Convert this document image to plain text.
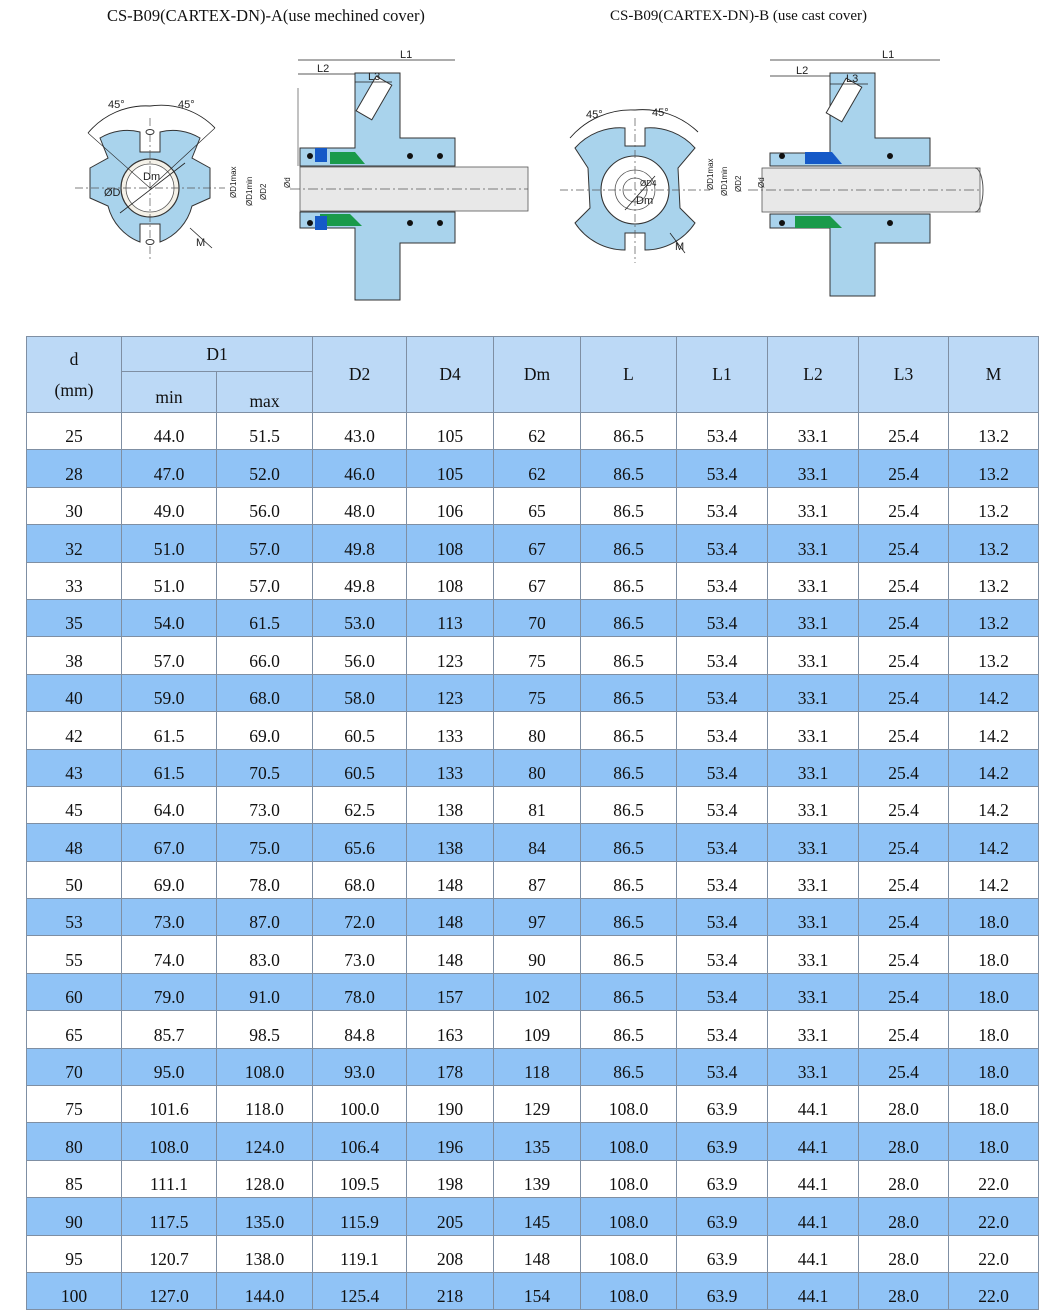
CS-B09(CARTEX-DN)-A(use mechined cover)	CS-B09(CARTEX-DN)-B (use cast cover)
45°	45°
ØD
Dm
M
L1
L2
L3
ØD1max ØD1min ØD2
Ød
45°	45°
ØD4
Dm
M
L1
L2
L3
ØD1max ØD1min ØD2 Ød
d
(mm)	D1		D2	D4	Dm	L	L1	L2	L3	M
	min	max								
25	44.0	51.5	43.0	105	62	86.5	53.4	33.1	25.4	13.2
28	47.0	52.0	46.0	105	62	86.5	53.4	33.1	25.4	13.2
30	49.0	56.0	48.0	106	65	86.5	53.4	33.1	25.4	13.2
32	51.0	57.0	49.8	108	67	86.5	53.4	33.1	25.4	13.2
33	51.0	57.0	49.8	108	67	86.5	53.4	33.1	25.4	13.2
35	54.0	61.5	53.0	113	70	86.5	53.4	33.1	25.4	13.2
38	57.0	66.0	56.0	123	75	86.5	53.4	33.1	25.4	13.2
40	59.0	68.0	58.0	123	75	86.5	53.4	33.1	25.4	14.2
42	61.5	69.0	60.5	133	80	86.5	53.4	33.1	25.4	14.2
43	61.5	70.5	60.5	133	80	86.5	53.4	33.1	25.4	14.2
45	64.0	73.0	62.5	138	81	86.5	53.4	33.1	25.4	14.2
48	67.0	75.0	65.6	138	84	86.5	53.4	33.1	25.4	14.2
50	69.0	78.0	68.0	148	87	86.5	53.4	33.1	25.4	14.2
53	73.0	87.0	72.0	148	97	86.5	53.4	33.1	25.4	18.0
55	74.0	83.0	73.0	148	90	86.5	53.4	33.1	25.4	18.0
60	79.0	91.0	78.0	157	102	86.5	53.4	33.1	25.4	18.0
65	85.7	98.5	84.8	163	109	86.5	53.4	33.1	25.4	18.0
70	95.0	108.0	93.0	178	118	86.5	53.4	33.1	25.4	18.0
75	101.6	118.0	100.0	190	129	108.0	63.9	44.1	28.0	18.0
80	108.0	124.0	106.4	196	135	108.0	63.9	44.1	28.0	18.0
85	111.1	128.0	109.5	198	139	108.0	63.9	44.1	28.0	22.0
90	117.5	135.0	115.9	205	145	108.0	63.9	44.1	28.0	22.0
95	120.7	138.0	119.1	208	148	108.0	63.9	44.1	28.0	22.0
100	127.0	144.0	125.4	218	154	108.0	63.9	44.1	28.0	22.0
